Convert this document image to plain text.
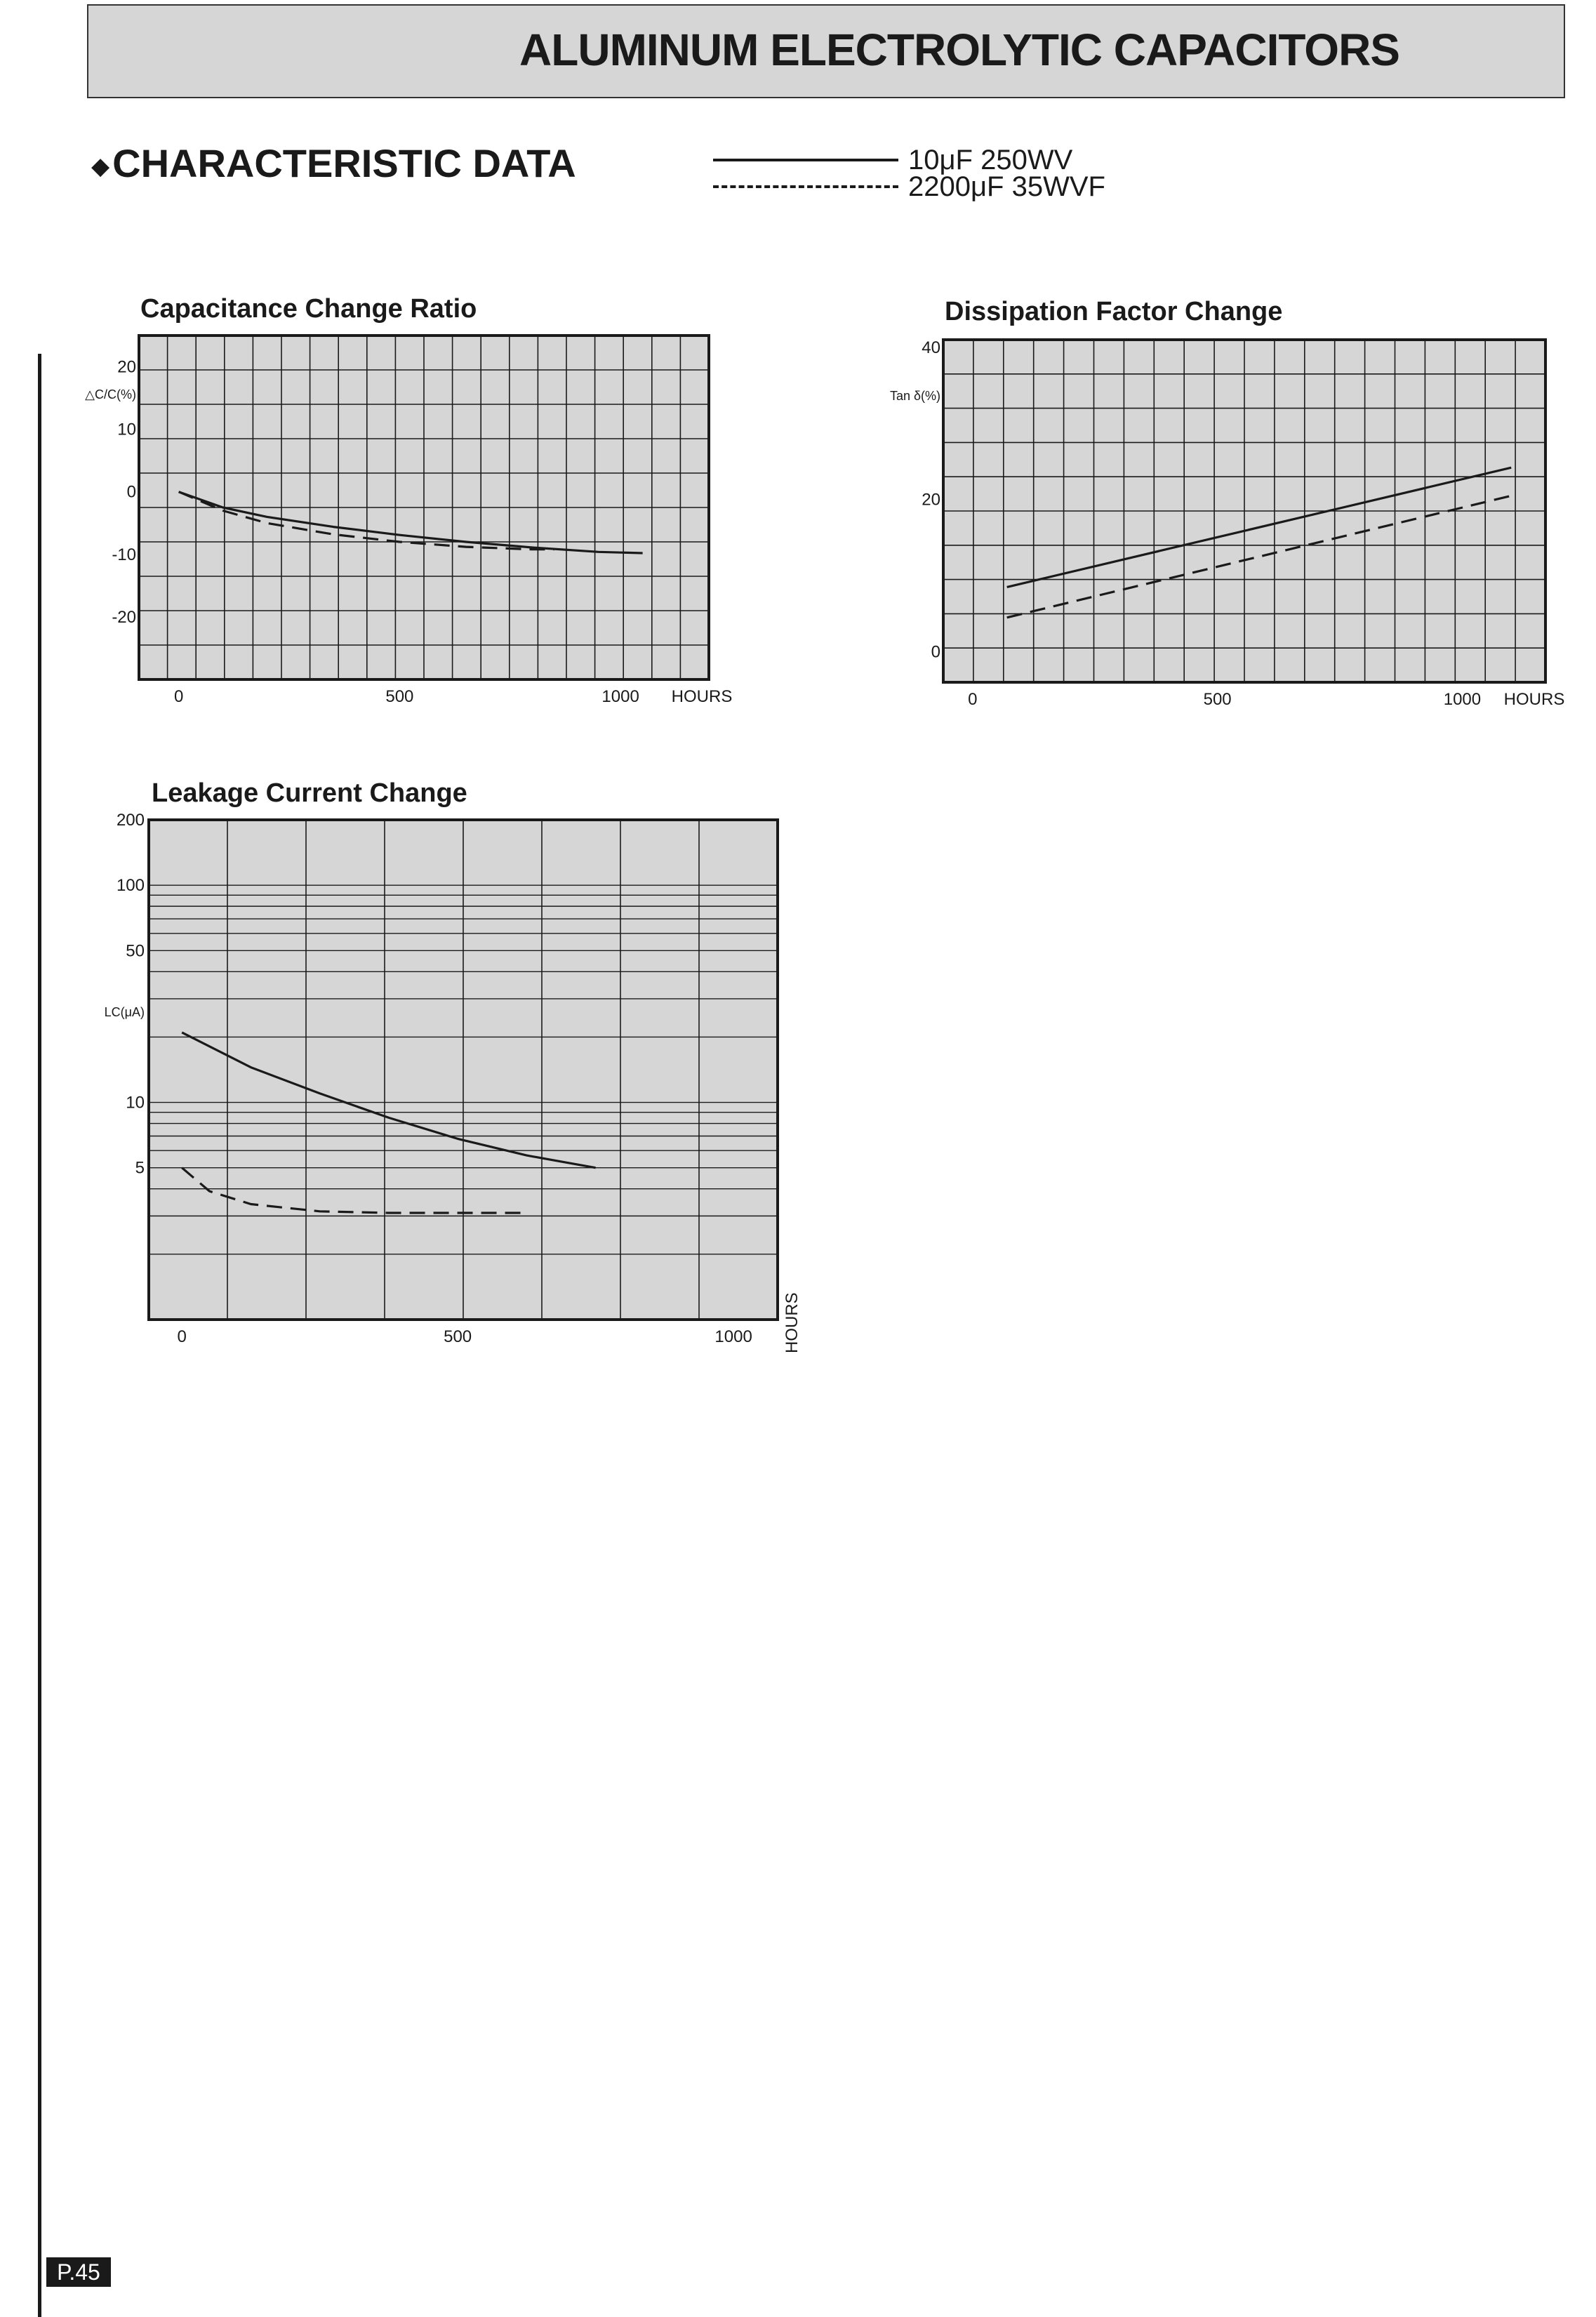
ALUMINUM ELECTROLYTIC CAPACITORS
◆CHARACTERISTIC DATA	10μF 250WV
2200μF 35WVF
Capacitance Change Ratio
20
10
0
-10
-20
0	500	1000
△C/C(%)
HOURS
Dissipation Factor Change
40
20
0
0	500	1000
Tan δ(%)
HOURS
Leakage Current Change
200
100
50
10
5
0	500	1000
LC(μA)
HOURS
P.45
